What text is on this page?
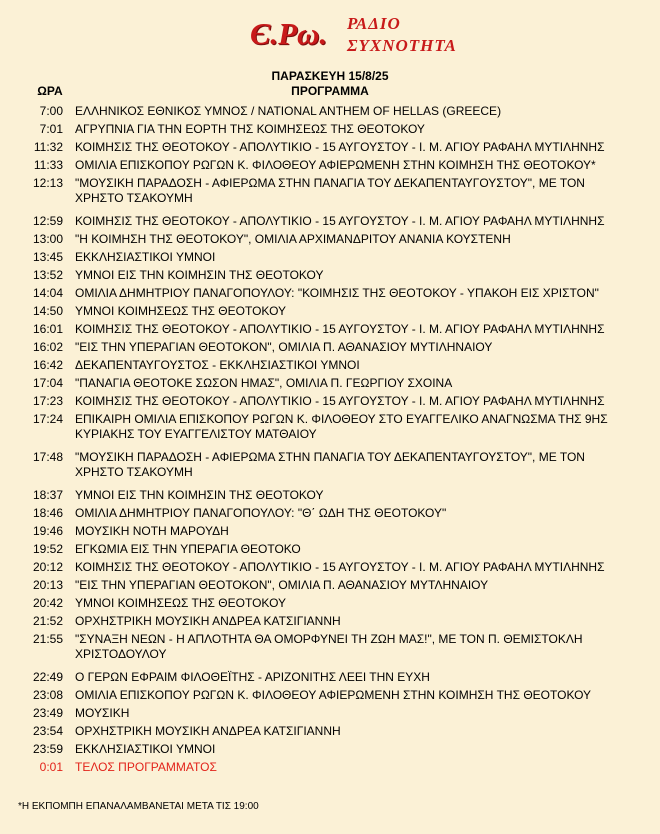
Є.Ρω. ΡΑΔΙΟ
ΣΥΧΝΟΤΗΤΑ
ΠΑΡΑΣΚΕΥΗ 15/8/25
ΩΡΑ	ΠΡΟΓΡΑΜΜΑ
7:00 ΕΛΛΗΝΙΚΟΣ ΕΘΝΙΚΟΣ ΥΜΝΟΣ / NATIONAL ANTHEM OF HELLAS (GREECE)
7:01 ΑΓΡΥΠΝΙΑ ΓΙΑ ΤΗΝ ΕΟΡΤΗ ΤΗΣ ΚΟΙΜΗΣΕΩΣ ΤΗΣ ΘΕΟΤΟΚΟΥ
11:32 ΚΟΙΜΗΣΙΣ ΤΗΣ ΘΕΟΤΟΚΟΥ - ΑΠΟΛΥΤΙΚΙΟ - 15 ΑΥΓΟΥΣΤΟΥ - Ι. Μ. ΑΓΙΟΥ ΡΑΦΑΗΛ ΜΥΤΙΛΗΝΗΣ
11:33 ΟΜΙΛΙΑ ΕΠΙΣΚΟΠΟΥ ΡΩΓΩΝ Κ. ΦΙΛΟΘΕΟΥ ΑΦΙΕΡΩΜΕΝΗ ΣΤΗΝ ΚΟΙΜΗΣΗ ΤΗΣ ΘΕΟΤΟΚΟΥ*
12:13 "ΜΟΥΣΙΚΗ ΠΑΡΑΔΟΣΗ - ΑΦΙΕΡΩΜΑ ΣΤΗΝ ΠΑΝΑΓΙΑ ΤΟΥ ΔΕΚΑΠΕΝΤΑΥΓΟΥΣΤΟΥ", ΜΕ ΤΟΝ ΧΡΗΣΤΟ ΤΣΑΚΟΥΜΗ
12:59 ΚΟΙΜΗΣΙΣ ΤΗΣ ΘΕΟΤΟΚΟΥ - ΑΠΟΛΥΤΙΚΙΟ - 15 ΑΥΓΟΥΣΤΟΥ - Ι. Μ. ΑΓΙΟΥ ΡΑΦΑΗΛ ΜΥΤΙΛΗΝΗΣ
13:00 "Η ΚΟΙΜΗΣΗ ΤΗΣ ΘΕΟΤΟΚΟΥ", ΟΜΙΛΙΑ ΑΡΧΙΜΑΝΔΡΙΤΟΥ ΑΝΑΝΙΑ ΚΟΥΣΤΕΝΗ
13:45 ΕΚΚΛΗΣΙΑΣΤΙΚΟΙ ΥΜΝΟΙ
13:52 ΥΜΝΟΙ ΕΙΣ ΤΗΝ ΚΟΙΜΗΣΙΝ ΤΗΣ ΘΕΟΤΟΚΟΥ
14:04 ΟΜΙΛΙΑ ΔΗΜΗΤΡΙΟΥ ΠΑΝΑΓΟΠΟΥΛΟΥ: "ΚΟΙΜΗΣΙΣ ΤΗΣ ΘΕΟΤΟΚΟΥ - ΥΠΑΚΟΗ ΕΙΣ ΧΡΙΣΤΟΝ"
14:50 ΥΜΝΟΙ ΚΟΙΜΗΣΕΩΣ ΤΗΣ ΘΕΟΤΟΚΟΥ
16:01 ΚΟΙΜΗΣΙΣ ΤΗΣ ΘΕΟΤΟΚΟΥ - ΑΠΟΛΥΤΙΚΙΟ - 15 ΑΥΓΟΥΣΤΟΥ - Ι. Μ. ΑΓΙΟΥ ΡΑΦΑΗΛ ΜΥΤΙΛΗΝΗΣ
16:02 "ΕΙΣ ΤΗΝ ΥΠΕΡΑΓΙΑΝ ΘΕΟΤΟΚΟΝ", ΟΜΙΛΙΑ Π. ΑΘΑΝΑΣΙΟΥ ΜΥΤΙΛΗΝΑΙΟΥ
16:42 ΔΕΚΑΠΕΝΤΑΥΓΟΥΣΤΟΣ - ΕΚΚΛΗΣΙΑΣΤΙΚΟΙ ΥΜΝΟΙ
17:04 "ΠΑΝΑΓΙΑ ΘΕΟΤΟΚΕ ΣΩΣΟΝ ΗΜΑΣ", ΟΜΙΛΙΑ Π. ΓΕΩΡΓΙΟΥ ΣΧΟΙΝΑ
17:23 ΚΟΙΜΗΣΙΣ ΤΗΣ ΘΕΟΤΟΚΟΥ - ΑΠΟΛΥΤΙΚΙΟ - 15 ΑΥΓΟΥΣΤΟΥ - Ι. Μ. ΑΓΙΟΥ ΡΑΦΑΗΛ ΜΥΤΙΛΗΝΗΣ
17:24 ΕΠΙΚΑΙΡΗ ΟΜΙΛΙΑ ΕΠΙΣΚΟΠΟΥ ΡΩΓΩΝ Κ. ΦΙΛΟΘΕΟΥ ΣΤΟ ΕΥΑΓΓΕΛΙΚΟ ΑΝΑΓΝΩΣΜΑ ΤΗΣ 9ΗΣ ΚΥΡΙΑΚΗΣ ΤΟΥ ΕΥΑΓΓΕΛΙΣΤΟΥ ΜΑΤΘΑΙΟΥ
17:48 "ΜΟΥΣΙΚΗ ΠΑΡΑΔΟΣΗ - ΑΦΙΕΡΩΜΑ ΣΤΗΝ ΠΑΝΑΓΙΑ ΤΟΥ ΔΕΚΑΠΕΝΤΑΥΓΟΥΣΤΟΥ", ΜΕ ΤΟΝ ΧΡΗΣΤΟ ΤΣΑΚΟΥΜΗ
18:37 ΥΜΝΟΙ ΕΙΣ ΤΗΝ ΚΟΙΜΗΣΙΝ ΤΗΣ ΘΕΟΤΟΚΟΥ
18:46 ΟΜΙΛΙΑ ΔΗΜΗΤΡΙΟΥ ΠΑΝΑΓΟΠΟΥΛΟΥ: "Θ΄ ΩΔΗ ΤΗΣ ΘΕΟΤΟΚΟΥ"
19:46 ΜΟΥΣΙΚΗ ΝΟΤΗ ΜΑΡΟΥΔΗ
19:52 ΕΓΚΩΜΙΑ ΕΙΣ ΤΗΝ ΥΠΕΡΑΓΙΑ ΘΕΟΤΟΚΟ
20:12 ΚΟΙΜΗΣΙΣ ΤΗΣ ΘΕΟΤΟΚΟΥ - ΑΠΟΛΥΤΙΚΙΟ - 15 ΑΥΓΟΥΣΤΟΥ - Ι. Μ. ΑΓΙΟΥ ΡΑΦΑΗΛ ΜΥΤΙΛΗΝΗΣ
20:13 "ΕΙΣ ΤΗΝ ΥΠΕΡΑΓΙΑΝ ΘΕΟΤΟΚΟΝ", ΟΜΙΛΙΑ Π. ΑΘΑΝΑΣΙΟΥ ΜΥΤΛΗΝΑΙΟΥ
20:42 ΥΜΝΟΙ ΚΟΙΜΗΣΕΩΣ ΤΗΣ ΘΕΟΤΟΚΟΥ
21:52 ΟΡΧΗΣΤΡΙΚΗ ΜΟΥΣΙΚΗ ΑΝΔΡΕΑ ΚΑΤΣΙΓΙΑΝΝΗ
21:55 "ΣΥΝΑΞΗ ΝΕΩΝ - Η ΑΠΛΟΤΗΤΑ ΘΑ ΟΜΟΡΦΥΝΕΙ ΤΗ ΖΩΗ ΜΑΣ!", ΜΕ ΤΟΝ Π. ΘΕΜΙΣΤΟΚΛΗ ΧΡΙΣΤΟΔΟΥΛΟΥ
22:49 Ο ΓΕΡΩΝ ΕΦΡΑΙΜ ΦΙΛΟΘΕΪΤΗΣ - ΑΡΙΖΟΝΙΤΗΣ ΛΕΕΙ ΤΗΝ ΕΥΧΗ
23:08 ΟΜΙΛΙΑ ΕΠΙΣΚΟΠΟΥ ΡΩΓΩΝ Κ. ΦΙΛΟΘΕΟΥ ΑΦΙΕΡΩΜΕΝΗ ΣΤΗΝ ΚΟΙΜΗΣΗ ΤΗΣ ΘΕΟΤΟΚΟΥ
23:49 ΜΟΥΣΙΚΗ
23:54 ΟΡΧΗΣΤΡΙΚΗ ΜΟΥΣΙΚΗ ΑΝΔΡΕΑ ΚΑΤΣΙΓΙΑΝΝΗ
23:59 ΕΚΚΛΗΣΙΑΣΤΙΚΟΙ ΥΜΝΟΙ
0:01 ΤΕΛΟΣ ΠΡΟΓΡΑΜΜΑΤΟΣ
*Η ΕΚΠΟΜΠΗ ΕΠΑΝΑΛΑΜΒΑΝΕΤΑΙ ΜΕΤΑ ΤΙΣ 19:00
